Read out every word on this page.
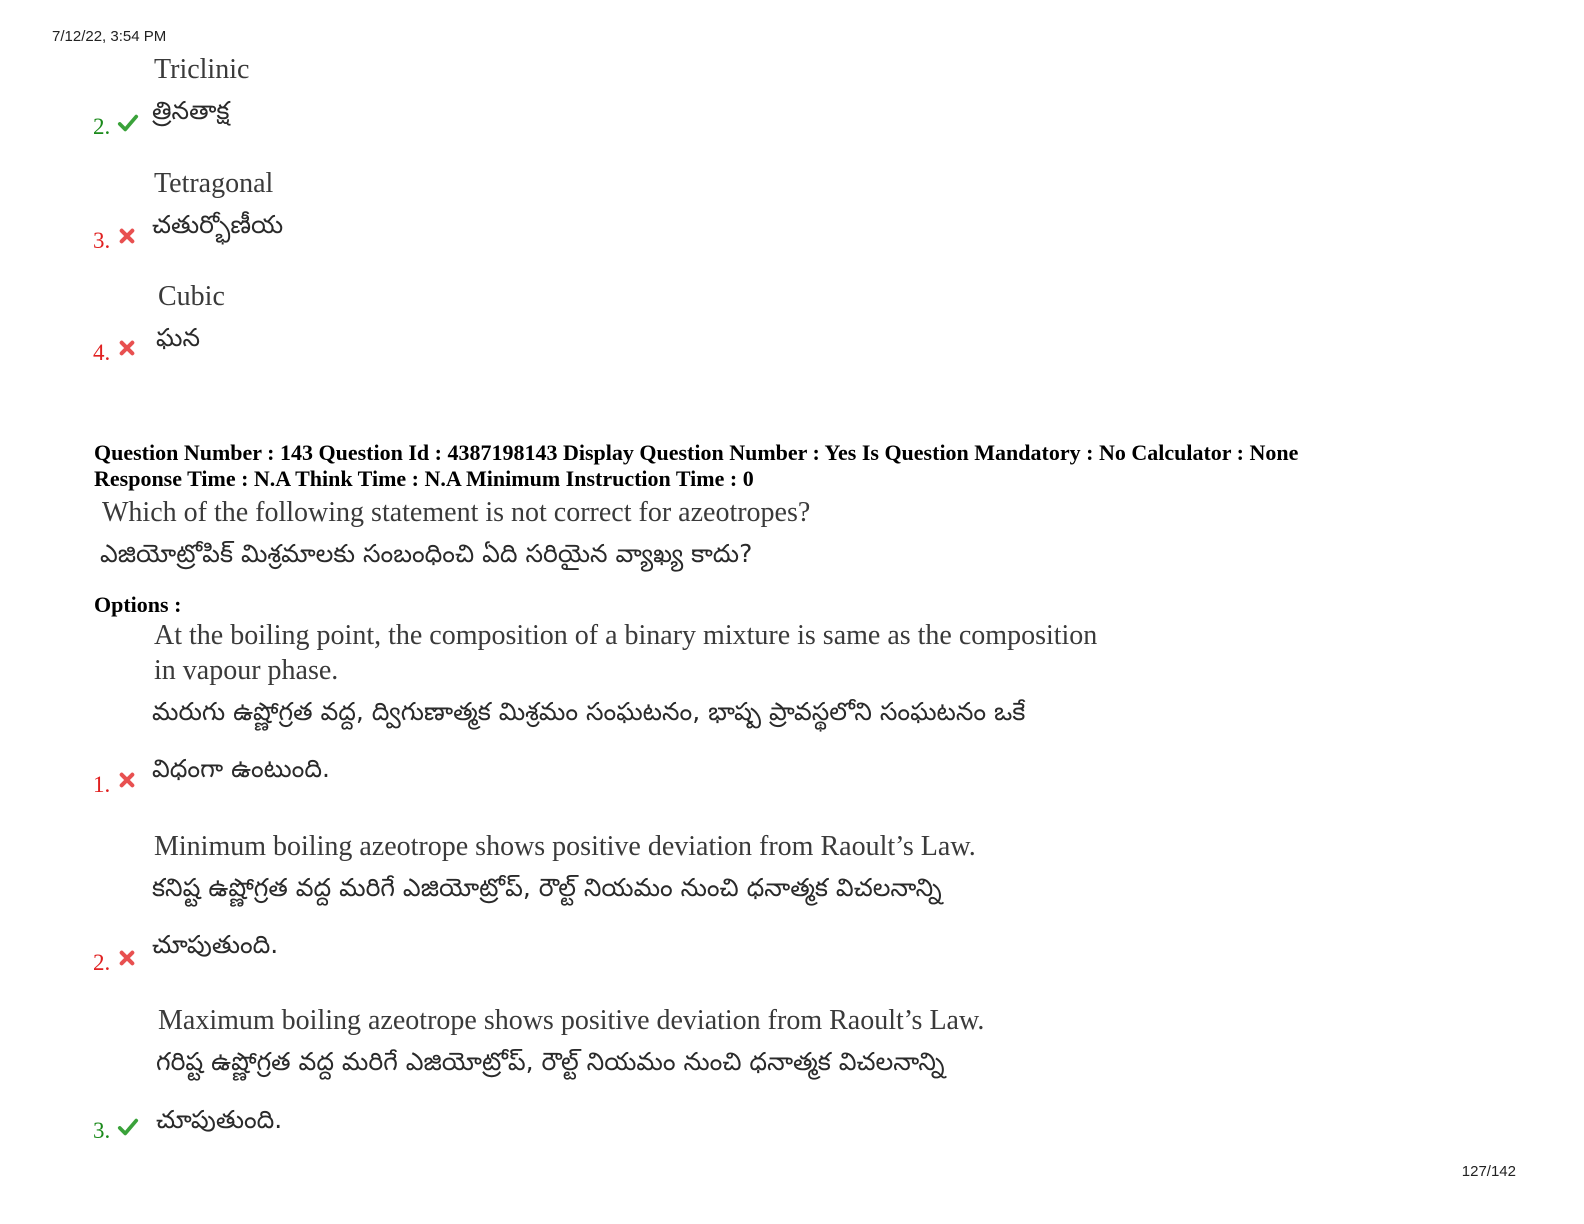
7/12/22, 3:54 PM
Triclinic
త్రినతాక్ష
2.
Tetragonal
చతుర్భోణీయ
3.
Cubic
ఘన
4.
Question Number : 143 Question Id : 4387198143 Display Question Number : Yes Is Question Mandatory : No Calculator : None
Response Time : N.A Think Time : N.A Minimum Instruction Time : 0
Which of the following statement is not correct for azeotropes?
ఎజియోట్రోపిక్ మిశ్రమాలకు సంబంధించి ఏది సరియైన వ్యాఖ్య కాదు?
Options :
At the boiling point, the composition of a binary mixture is same as the composition
in vapour phase.
మరుగు ఉష్ణోగ్రత వద్ద, ద్విగుణాత్మక మిశ్రమం సంఘటనం, భాష్ప ప్రావస్థలోని సంఘటనం ఒకే
విధంగా ఉంటుంది.
1.
Minimum boiling azeotrope shows positive deviation from Raoult’s Law.
కనిష్ట ఉష్ణోగ్రత వద్ద మరిగే ఎజియోట్రోప్, రౌల్ట్ నియమం నుంచి ధనాత్మక విచలనాన్ని
చూపుతుంది.
2.
Maximum boiling azeotrope shows positive deviation from Raoult’s Law.
గరిష్ట ఉష్ణోగ్రత వద్ద మరిగే ఎజియోట్రోప్, రౌల్ట్ నియమం నుంచి ధనాత్మక విచలనాన్ని
చూపుతుంది.
3.
127/142
